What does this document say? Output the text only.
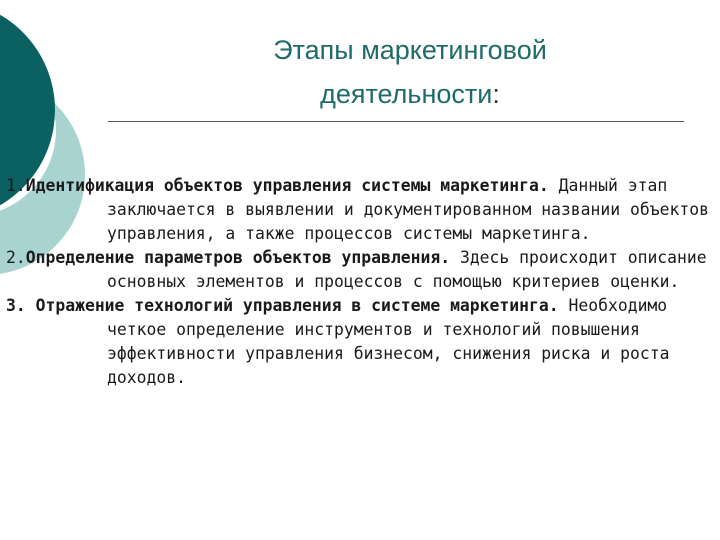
Этапы маркетинговой
деятельности:

1.Идентификация объектов управления системы маркетинга. Данный этап заключается в выявлении и документированном названии объектов управления, а также процессов системы маркетинга.

2.Определение параметров объектов управления. Здесь происходит описание основных элементов и процессов с помощью критериев оценки.

3. Отражение технологий управления в системе маркетинга. Необходимо четкое определение инструментов и технологий повышения эффективности управления бизнесом, снижения риска и роста доходов.
